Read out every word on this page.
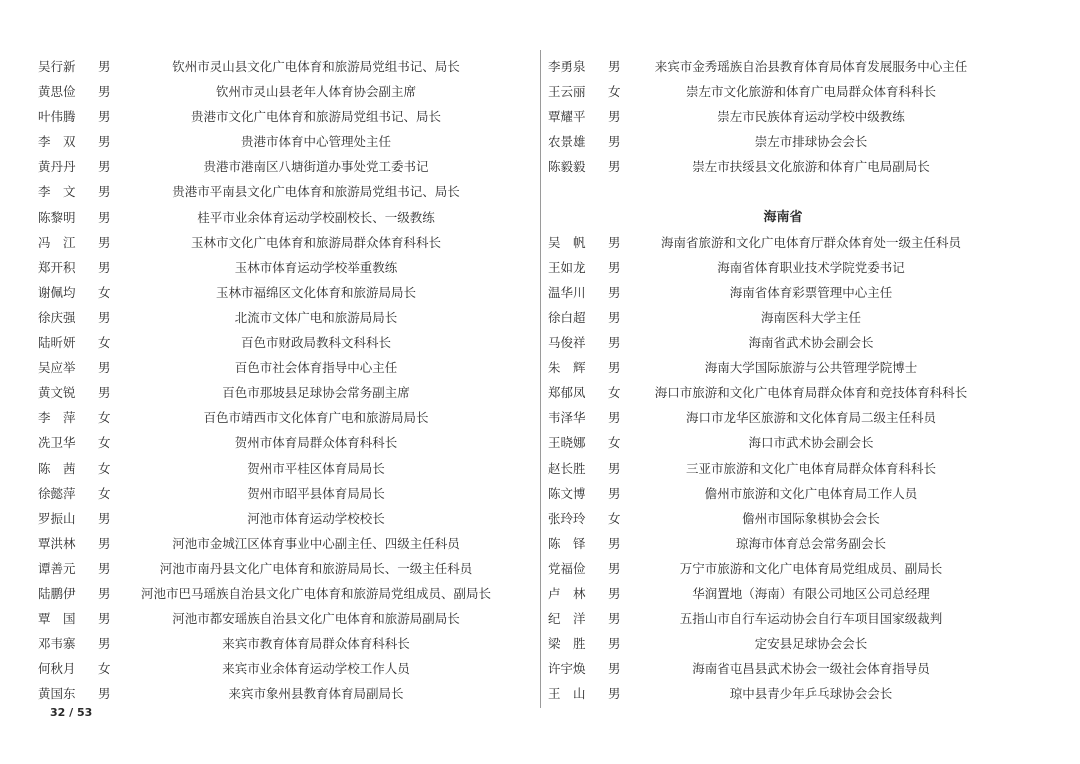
吴行新	男	钦州市灵山县文化广电体育和旅游局党组书记、局长
黄思俭	男	钦州市灵山县老年人体育协会副主席
叶伟腾	男	贵港市文化广电体育和旅游局党组书记、局长
李　双	男	贵港市体育中心管理处主任
黄丹丹	男	贵港市港南区八塘街道办事处党工委书记
李　文	男	贵港市平南县文化广电体育和旅游局党组书记、局长
陈黎明	男	桂平市业余体育运动学校副校长、一级教练
冯　江	男	玉林市文化广电体育和旅游局群众体育科科长
郑开积	男	玉林市体育运动学校举重教练
谢佩均	女	玉林市福绵区文化体育和旅游局局长
徐庆强	男	北流市文体广电和旅游局局长
陆昕妍	女	百色市财政局教科文科科长
吴应举	男	百色市社会体育指导中心主任
黄文锐	男	百色市那坡县足球协会常务副主席
李　萍	女	百色市靖西市文化体育广电和旅游局局长
冼卫华	女	贺州市体育局群众体育科科长
陈　茜	女	贺州市平桂区体育局局长
徐懿萍	女	贺州市昭平县体育局局长
罗振山	男	河池市体育运动学校校长
覃洪林	男	河池市金城江区体育事业中心副主任、四级主任科员
谭善元	男	河池市南丹县文化广电体育和旅游局局长、一级主任科员
陆鹏伊	男	河池市巴马瑶族自治县文化广电体育和旅游局党组成员、副局长
覃　国	男	河池市都安瑶族自治县文化广电体育和旅游局副局长
邓韦寨	男	来宾市教育体育局群众体育科科长
何秋月	女	来宾市业余体育运动学校工作人员
黄国东	男	来宾市象州县教育体育局副局长
李勇泉	男	来宾市金秀瑶族自治县教育体育局体育发展服务中心主任
王云丽	女	崇左市文化旅游和体育广电局群众体育科科长
覃耀平	男	崇左市民族体育运动学校中级教练
农景雄	男	崇左市排球协会会长
陈毅毅	男	崇左市扶绥县文化旅游和体育广电局副局长
海南省
吴　帆	男	海南省旅游和文化广电体育厅群众体育处一级主任科员
王如龙	男	海南省体育职业技术学院党委书记
温华川	男	海南省体育彩票管理中心主任
徐白超	男	海南医科大学主任
马俊祥	男	海南省武术协会副会长
朱　辉	男	海南大学国际旅游与公共管理学院博士
郑郁凤	女	海口市旅游和文化广电体育局群众体育和竞技体育科科长
韦泽华	男	海口市龙华区旅游和文化体育局二级主任科员
王晓娜	女	海口市武术协会副会长
赵长胜	男	三亚市旅游和文化广电体育局群众体育科科长
陈文博	男	儋州市旅游和文化广电体育局工作人员
张玲玲	女	儋州市国际象棋协会会长
陈　铎	男	琼海市体育总会常务副会长
党福俭	男	万宁市旅游和文化广电体育局党组成员、副局长
卢　林	男	华润置地（海南）有限公司地区公司总经理
纪　洋	男	五指山市自行车运动协会自行车项目国家级裁判
梁　胜	男	定安县足球协会会长
许宇焕	男	海南省屯昌县武术协会一级社会体育指导员
王　山	男	琼中县青少年乒乓球协会会长
32 / 53
